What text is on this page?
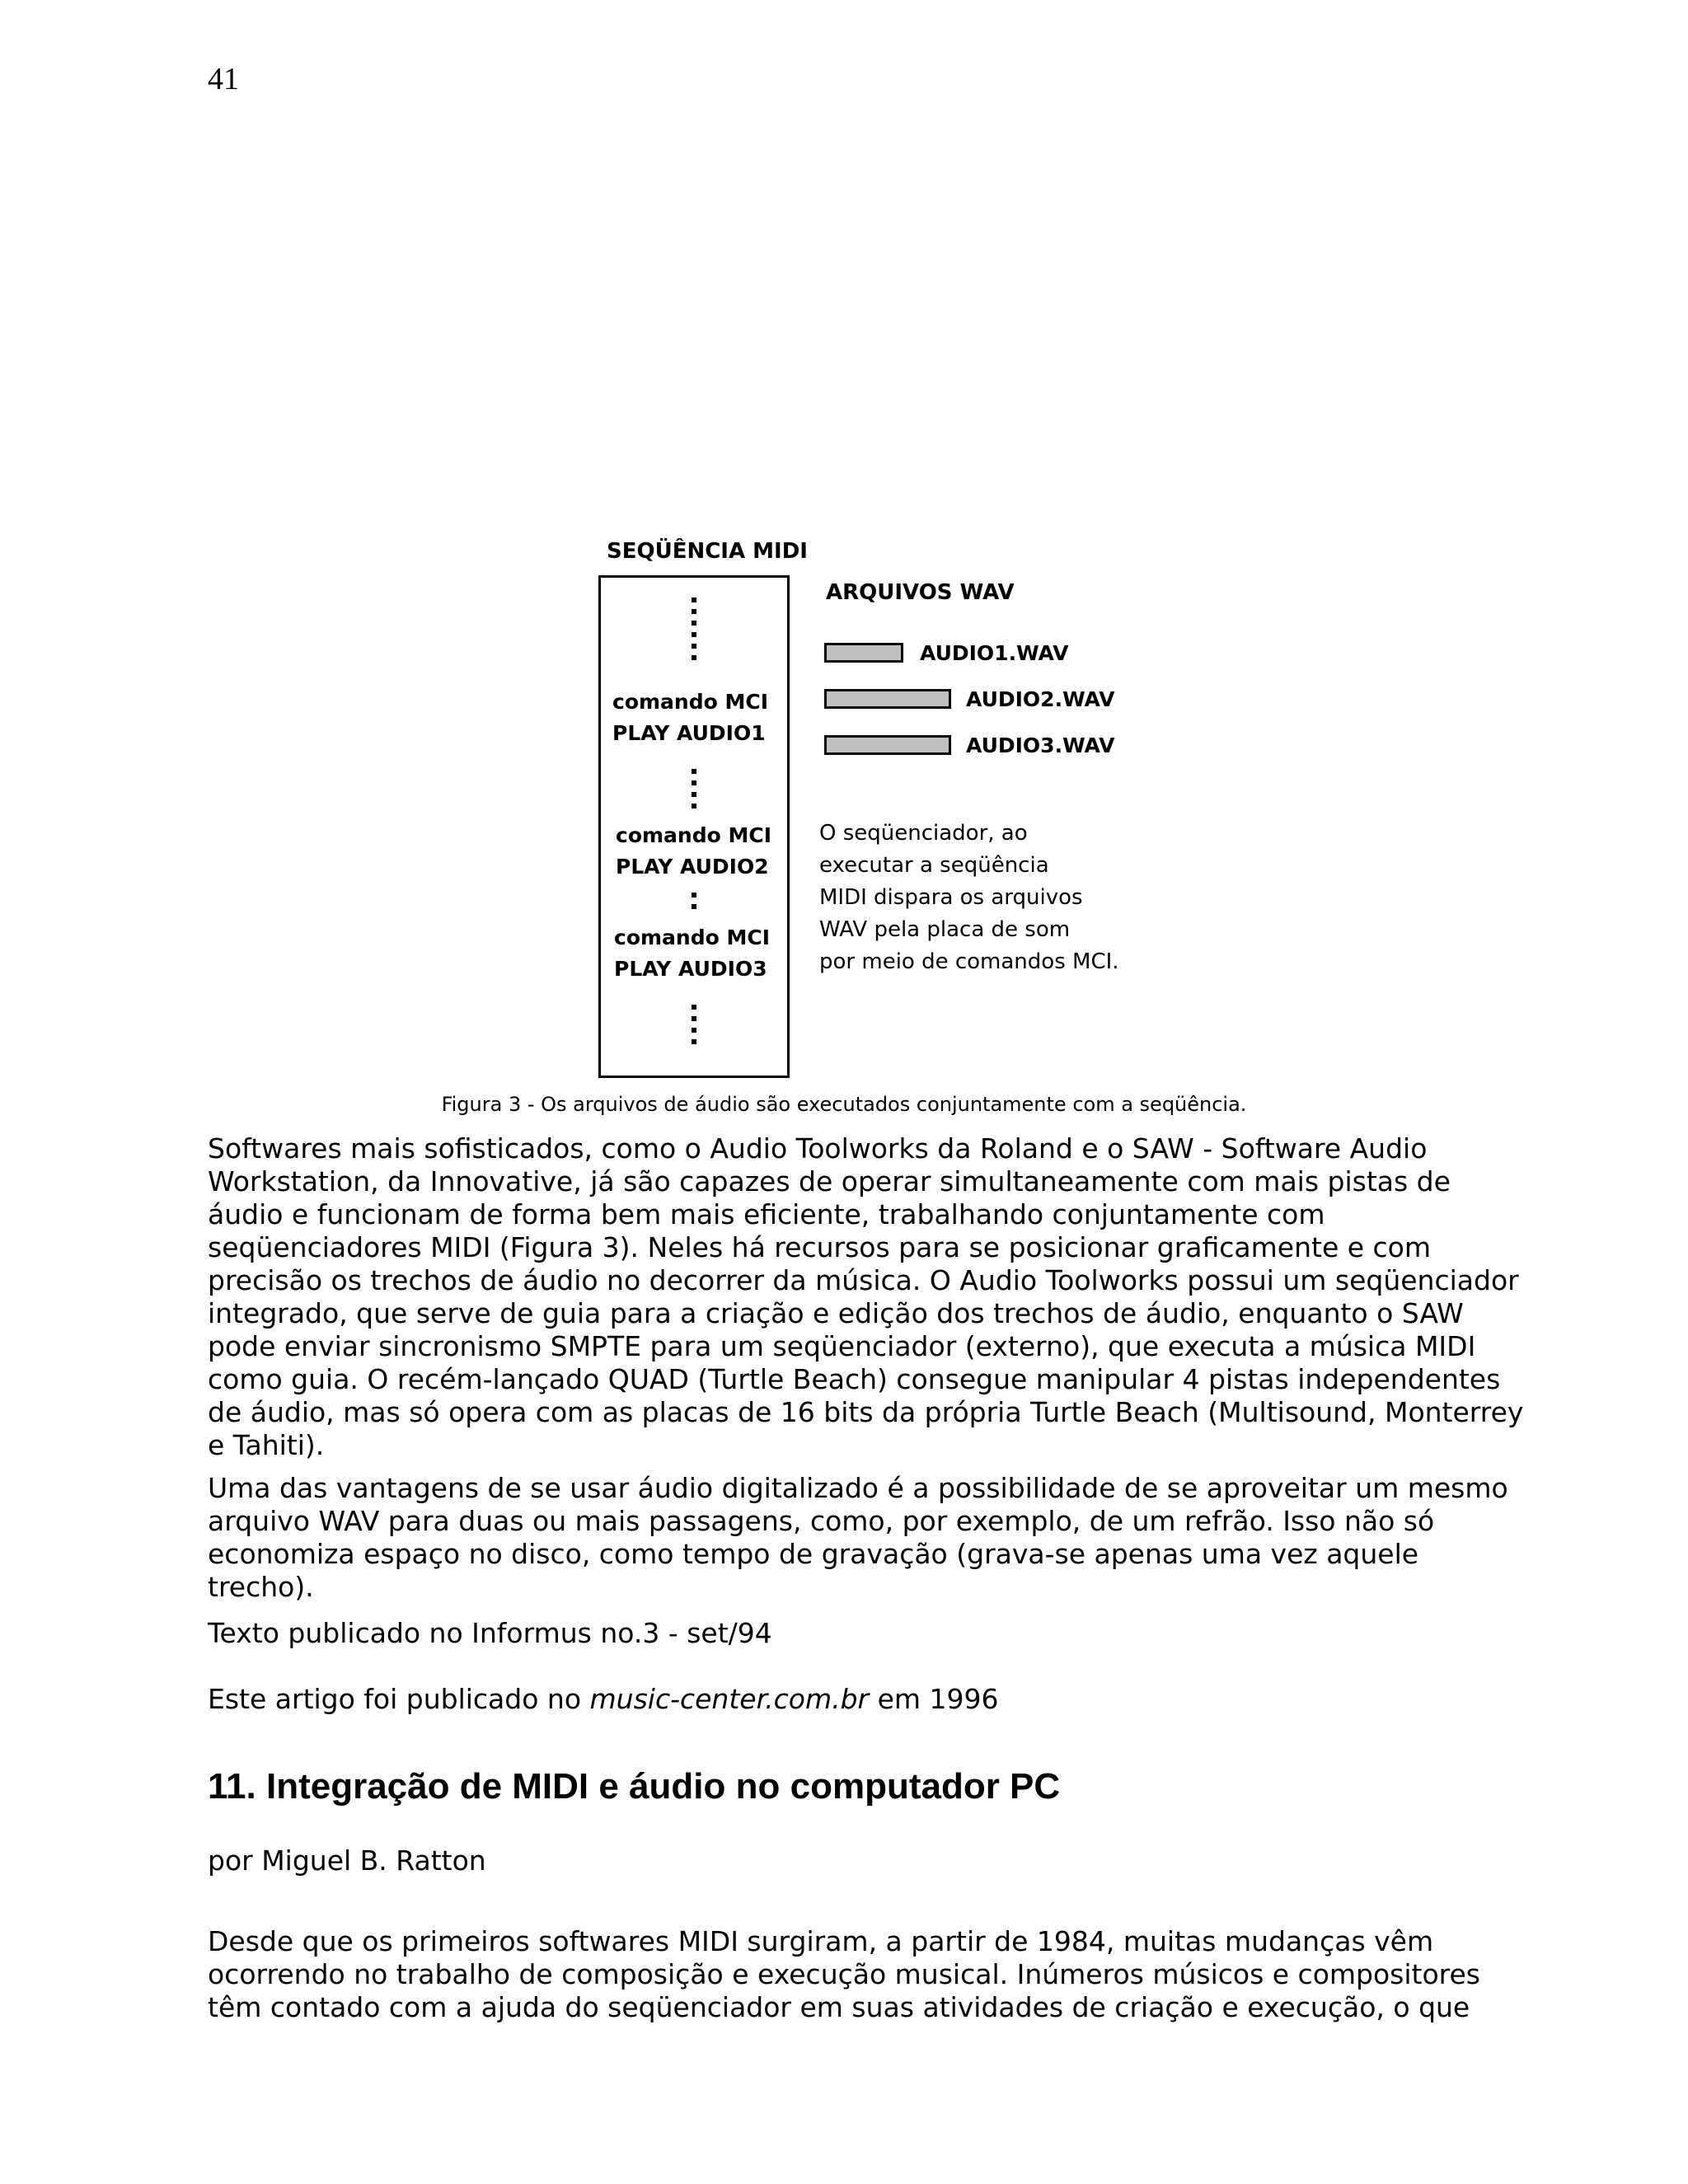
41
SEQÜÊNCIA MIDI
comando MCI
PLAY AUDIO1
comando MCI
PLAY AUDIO2
comando MCI
PLAY AUDIO3
ARQUIVOS WAV
AUDIO1.WAV
AUDIO2.WAV
AUDIO3.WAV
O seqüenciador, ao
executar a seqüência
MIDI dispara os arquivos
WAV pela placa de som
por meio de comandos MCI.
Figura 3 - Os arquivos de áudio são executados conjuntamente com a seqüência.
Softwares mais sofisticados, como o Audio Toolworks da Roland e o SAW - Software Audio Workstation, da Innovative, já são capazes de operar simultaneamente com mais pistas de áudio e funcionam de forma bem mais eficiente, trabalhando conjuntamente com seqüenciadores MIDI (Figura 3). Neles há recursos para se posicionar graficamente e com precisão os trechos de áudio no decorrer da música. O Audio Toolworks possui um seqüenciador integrado, que serve de guia para a criação e edição dos trechos de áudio, enquanto o SAW pode enviar sincronismo SMPTE para um seqüenciador (externo), que executa a música MIDI como guia. O recém-lançado QUAD (Turtle Beach) consegue manipular 4 pistas independentes de áudio, mas só opera com as placas de 16 bits da própria Turtle Beach (Multisound, Monterrey e Tahiti).
Uma das vantagens de se usar áudio digitalizado é a possibilidade de se aproveitar um mesmo arquivo WAV para duas ou mais passagens, como, por exemplo, de um refrão. Isso não só economiza espaço no disco, como tempo de gravação (grava-se apenas uma vez aquele trecho).
Texto publicado no Informus no.3 - set/94
Este artigo foi publicado no music-center.com.br em 1996
11. Integração de MIDI e áudio no computador PC
por Miguel B. Ratton
Desde que os primeiros softwares MIDI surgiram, a partir de 1984, muitas mudanças vêm ocorrendo no trabalho de composição e execução musical. Inúmeros músicos e compositores têm contado com a ajuda do seqüenciador em suas atividades de criação e execução, o que
